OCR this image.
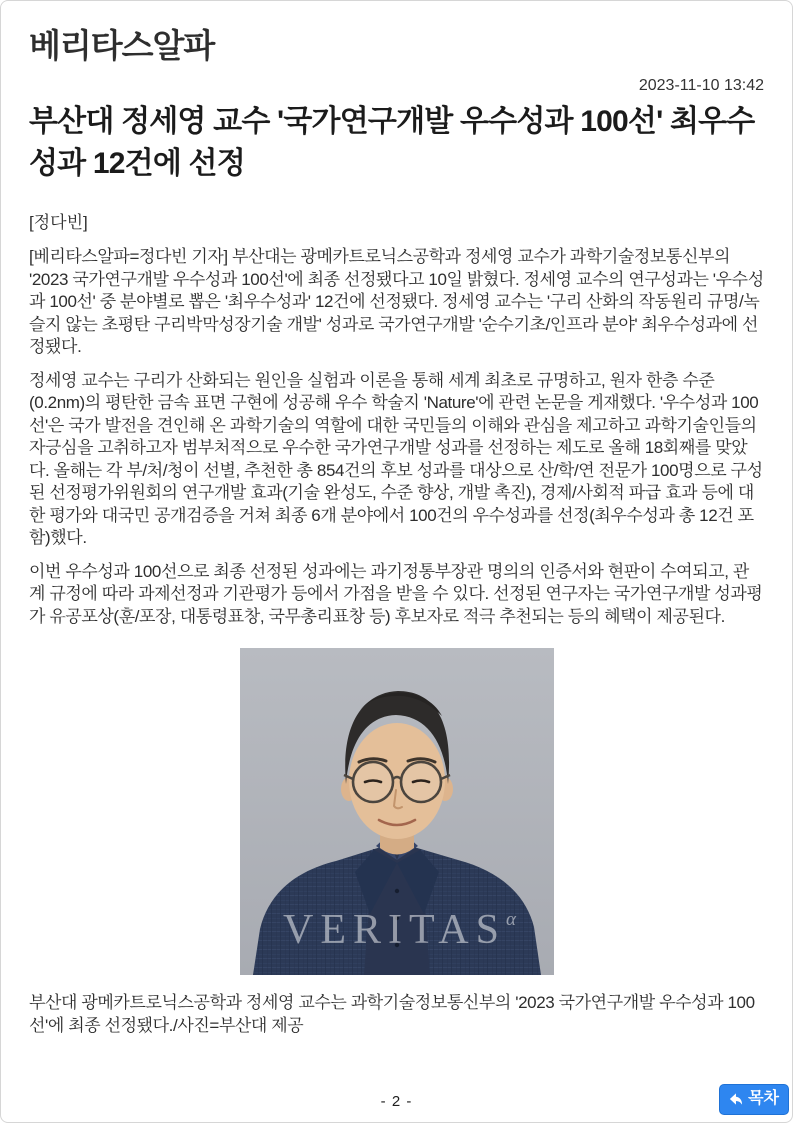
베리타스알파
2023-11-10 13:42
부산대 정세영 교수 '국가연구개발 우수성과 100선' 최우수성과 12건에 선정
[정다빈]

[베리타스알파=정다빈 기자] 부산대는 광메카트로닉스공학과 정세영 교수가 과학기술정보통신부의 '2023 국가연구개발 우수성과 100선'에 최종 선정됐다고 10일 밝혔다. 정세영 교수의 연구성과는 '우수성과 100선' 중 분야별로 뽑은 '최우수성과' 12건에 선정됐다. 정세영 교수는 '구리 산화의 작동원리 규명/녹슬지 않는 초평탄 구리박막성장기술 개발' 성과로 국가연구개발 '순수기초/인프라 분야' 최우수성과에 선정됐다.

정세영 교수는 구리가 산화되는 원인을 실험과 이론을 통해 세계 최초로 규명하고, 원자 한층 수준(0.2nm)의 평탄한 금속 표면 구현에 성공해 우수 학술지 'Nature'에 관련 논문을 게재했다. '우수성과 100선'은 국가 발전을 견인해 온 과학기술의 역할에 대한 국민들의 이해와 관심을 제고하고 과학기술인들의 자긍심을 고취하고자 범부처적으로 우수한 국가연구개발 성과를 선정하는 제도로 올해 18회째를 맞았다. 올해는 각 부/처/청이 선별, 추천한 총 854건의 후보 성과를 대상으로 산/학/연 전문가 100명으로 구성된 선정평가위원회의 연구개발 효과(기술 완성도, 수준 향상, 개발 촉진), 경제/사회적 파급 효과 등에 대한 평가와 대국민 공개검증을 거쳐 최종 6개 분야에서 100건의 우수성과를 선정(최우수성과 총 12건 포함)했다.

이번 우수성과 100선으로 최종 선정된 성과에는 과기정통부장관 명의의 인증서와 현판이 수여되고, 관계 규정에 따라 과제선정과 기관평가 등에서 가점을 받을 수 있다. 선정된 연구자는 국가연구개발 성과평가 유공포상(훈/포장, 대통령표창, 국무총리표창 등) 후보자로 적극 추천되는 등의 혜택이 제공된다.

$VERITAS^\alpha$
부산대 광메카트로닉스공학과 정세영 교수는 과학기술정보통신부의 '2023 국가연구개발 우수성과 100선'에 최종 선정됐다./사진=부산대 제공
- 2 -	목차
